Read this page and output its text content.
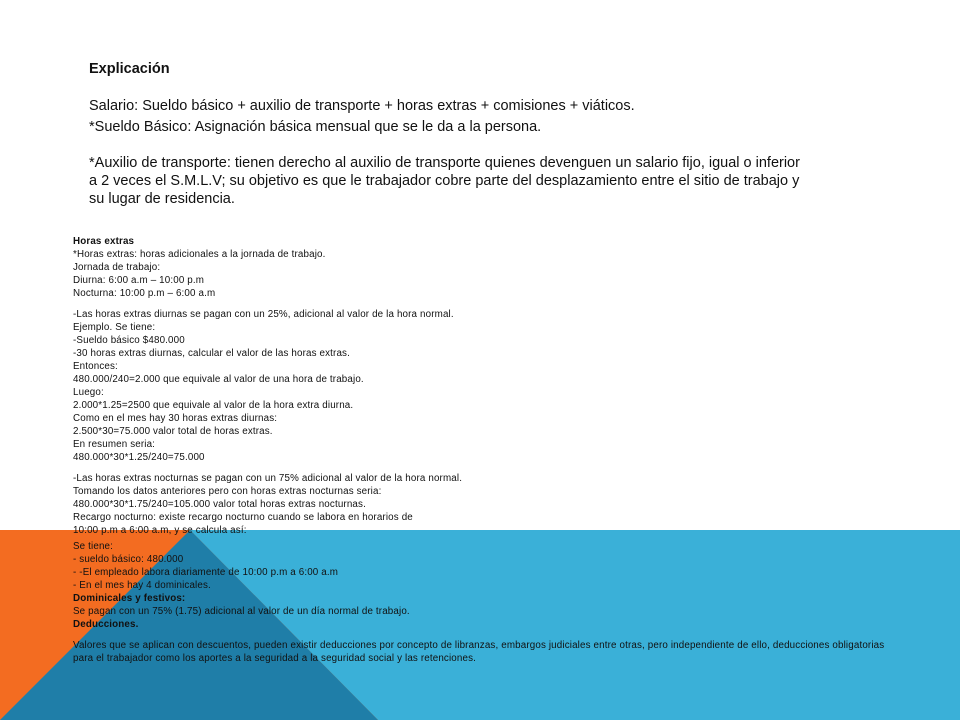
Explicación

Salario: Sueldo básico + auxilio de transporte + horas extras + comisiones + viáticos.

*Sueldo Básico: Asignación básica mensual que se le da a la persona.

*Auxilio de transporte: tienen derecho al auxilio de transporte quienes devenguen un salario fijo, igual o inferior a 2 veces el S.M.L.V; su objetivo es que le trabajador cobre parte del desplazamiento entre el sitio de trabajo y su lugar de residencia.

Horas extras
*Horas extras: horas adicionales a la jornada de trabajo.
Jornada de trabajo:
Diurna: 6:00 a.m – 10:00 p.m
Nocturna: 10:00 p.m – 6:00 a.m
-Las horas extras diurnas se pagan con un 25%, adicional al valor de la hora normal.
Ejemplo. Se tiene:
-Sueldo básico $480.000
-30 horas extras diurnas, calcular el valor de las horas extras.
Entonces:
480.000/240=2.000 que equivale al valor de una hora de trabajo.
Luego:
2.000*1.25=2500 que equivale al valor de la hora extra diurna.
Como en el mes hay 30 horas extras diurnas:
2.500*30=75.000 valor total de horas extras.
En resumen seria:
480.000*30*1.25/240=75.000
-Las horas extras nocturnas se pagan con un 75% adicional al valor de la hora normal.
Tomando los datos anteriores pero con horas extras nocturnas seria:
480.000*30*1.75/240=105.000 valor total horas extras nocturnas.
Recargo nocturno: existe recargo nocturno cuando se labora en horarios de
10:00 p.m a 6:00 a.m, y se calcula así:
Se tiene:
- sueldo básico: 480.000
- -El empleado labora diariamente de 10:00 p.m a 6:00 a.m
- En el mes hay 4 dominicales.
Dominicales y festivos:
Se pagan con un 75% (1.75) adicional al valor de un día normal de trabajo.
Deducciones.
Valores que se aplican con descuentos, pueden existir deducciones por concepto de libranzas, embargos judiciales entre otras, pero independiente de ello, deducciones obligatorias para el trabajador como los aportes a la seguridad a la seguridad social y las retenciones.
